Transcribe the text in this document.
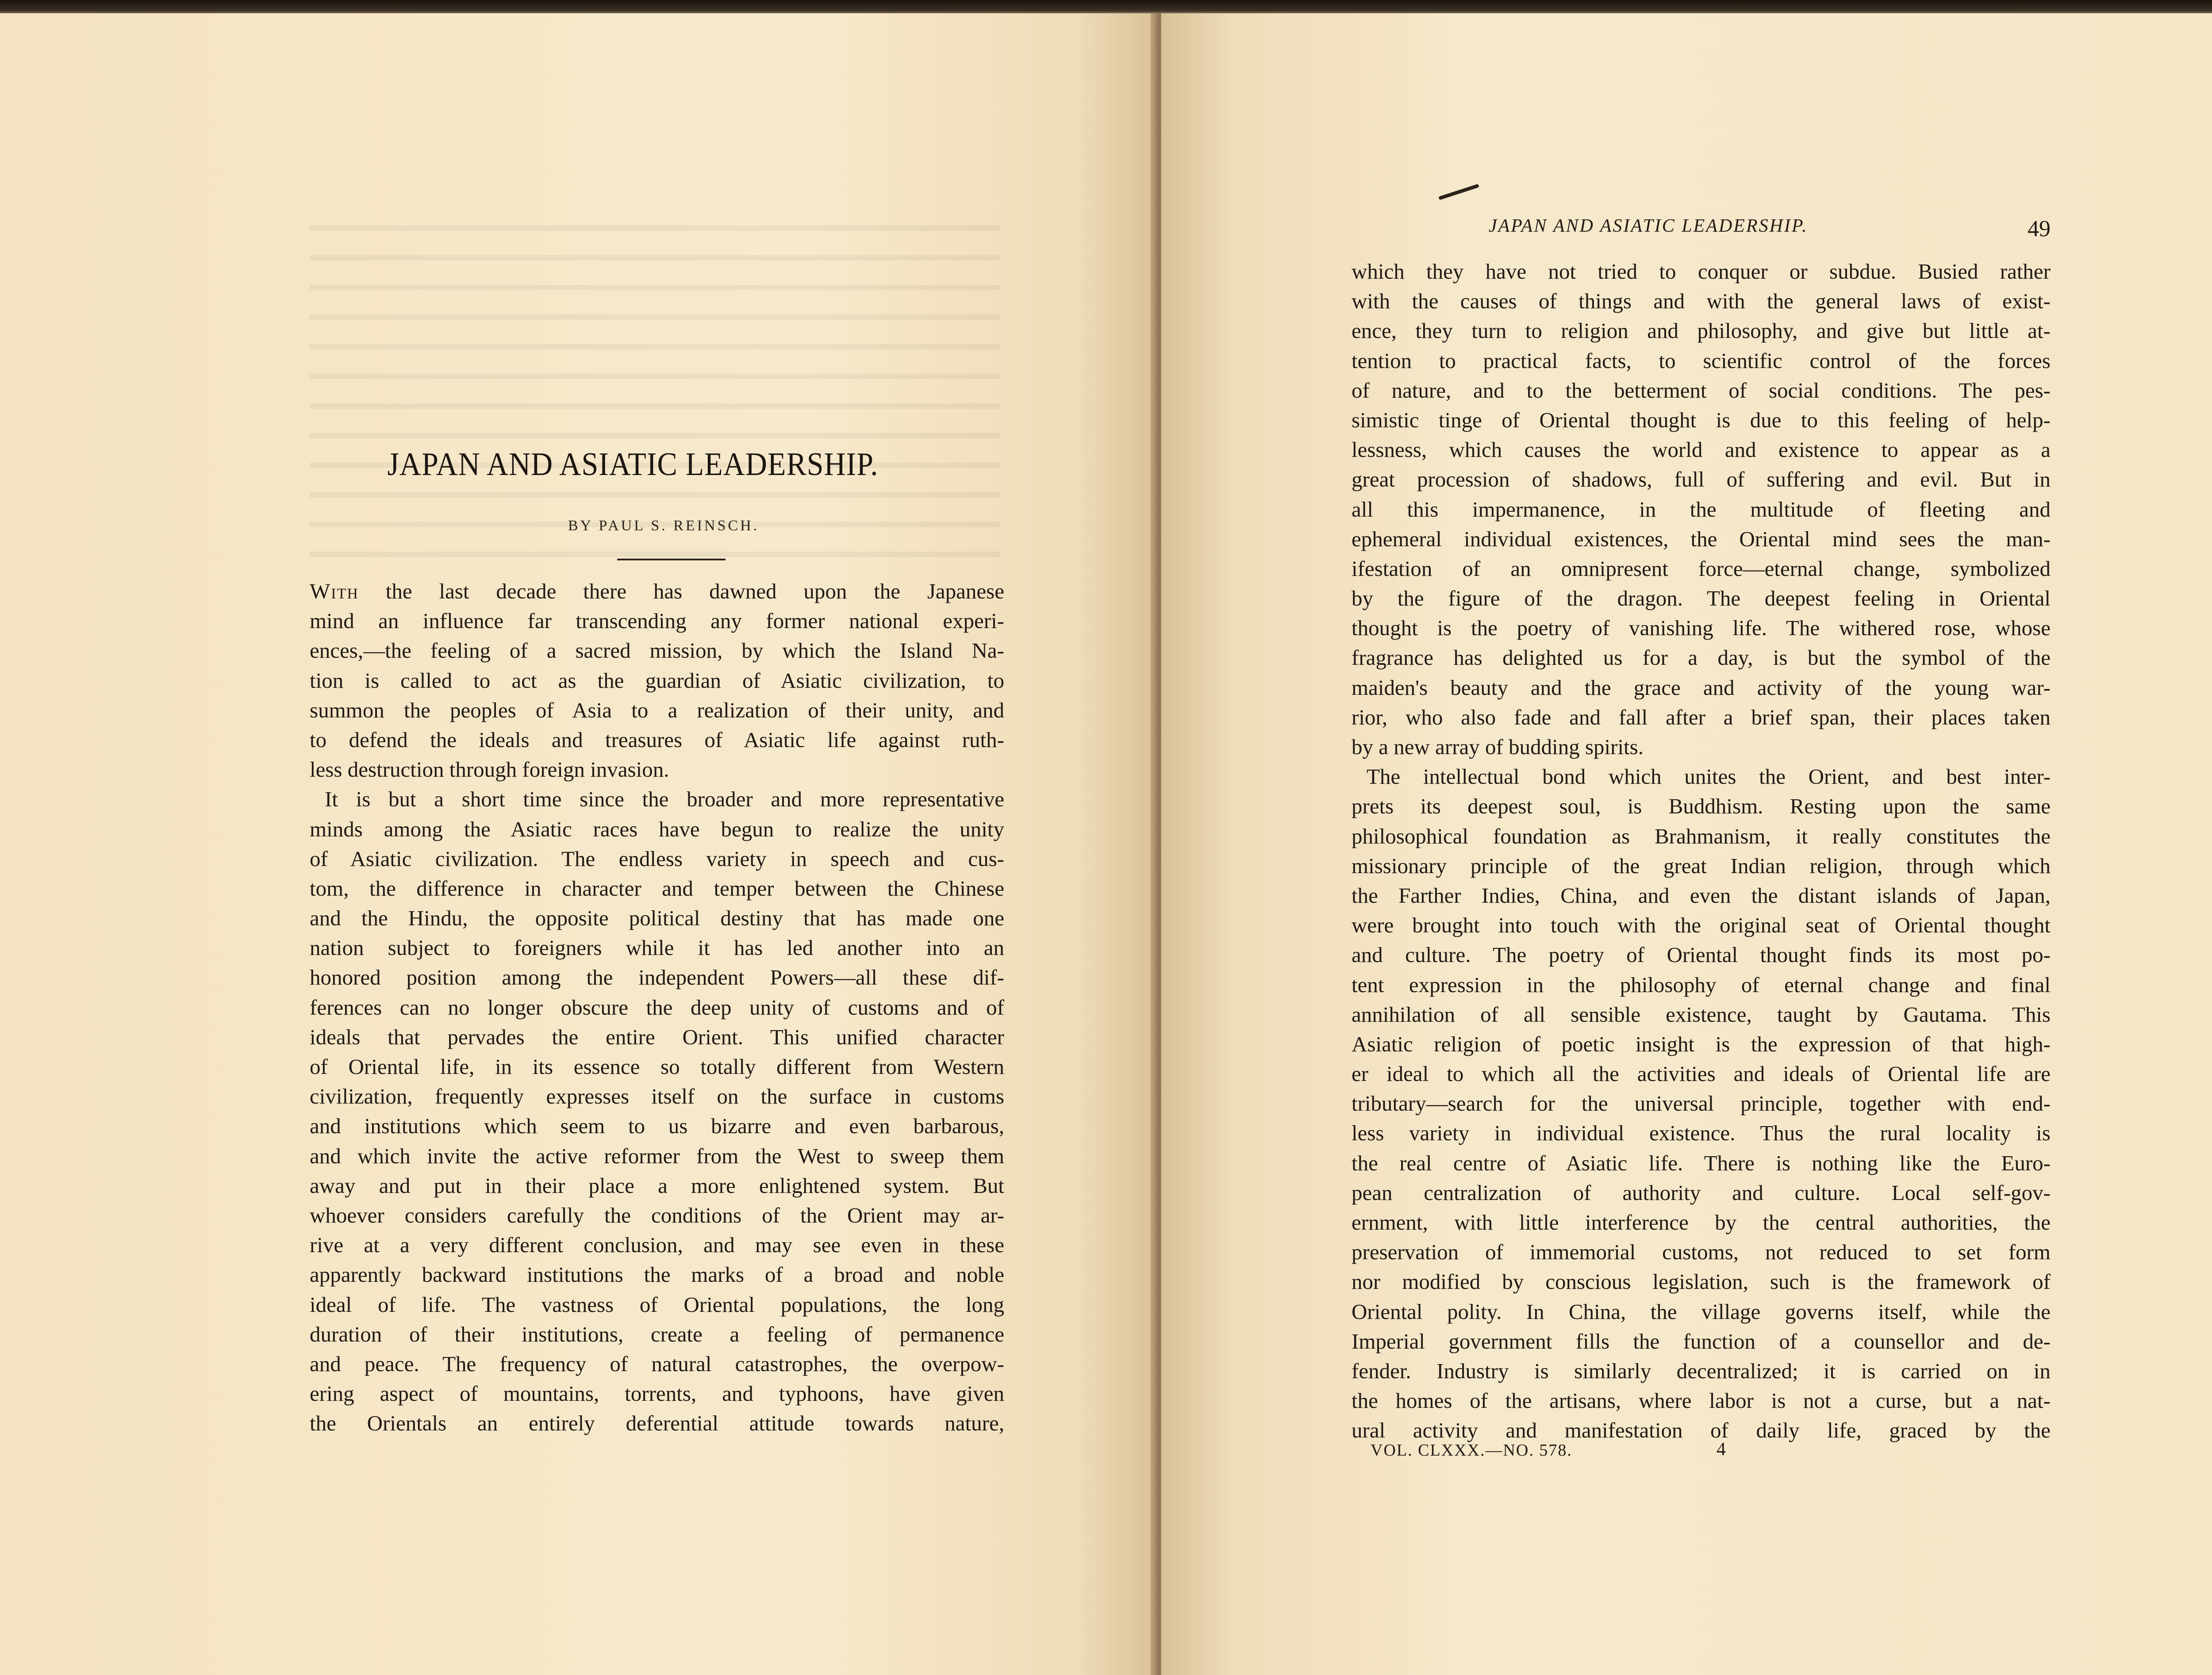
JAPAN AND ASIATIC LEADERSHIP.
BY PAUL S. REINSCH.
With the last decade there has dawned upon the Japanese
mind an influence far transcending any former national experi-
ences,—the feeling of a sacred mission, by which the Island Na-
tion is called to act as the guardian of Asiatic civilization, to
summon the peoples of Asia to a realization of their unity, and
to defend the ideals and treasures of Asiatic life against ruth-
less destruction through foreign invasion.
It is but a short time since the broader and more representative
minds among the Asiatic races have begun to realize the unity
of Asiatic civilization. The endless variety in speech and cus-
tom, the difference in character and temper between the Chinese
and the Hindu, the opposite political destiny that has made one
nation subject to foreigners while it has led another into an
honored position among the independent Powers—all these dif-
ferences can no longer obscure the deep unity of customs and of
ideals that pervades the entire Orient. This unified character
of Oriental life, in its essence so totally different from Western
civilization, frequently expresses itself on the surface in customs
and institutions which seem to us bizarre and even barbarous,
and which invite the active reformer from the West to sweep them
away and put in their place a more enlightened system. But
whoever considers carefully the conditions of the Orient may ar-
rive at a very different conclusion, and may see even in these
apparently backward institutions the marks of a broad and noble
ideal of life. The vastness of Oriental populations, the long
duration of their institutions, create a feeling of permanence
and peace. The frequency of natural catastrophes, the overpow-
ering aspect of mountains, torrents, and typhoons, have given
the Orientals an entirely deferential attitude towards nature,
JAPAN AND ASIATIC LEADERSHIP.	49
which they have not tried to conquer or subdue. Busied rather
with the causes of things and with the general laws of exist-
ence, they turn to religion and philosophy, and give but little at-
tention to practical facts, to scientific control of the forces
of nature, and to the betterment of social conditions. The pes-
simistic tinge of Oriental thought is due to this feeling of help-
lessness, which causes the world and existence to appear as a
great procession of shadows, full of suffering and evil. But in
all this impermanence, in the multitude of fleeting and
ephemeral individual existences, the Oriental mind sees the man-
ifestation of an omnipresent force—eternal change, symbolized
by the figure of the dragon. The deepest feeling in Oriental
thought is the poetry of vanishing life. The withered rose, whose
fragrance has delighted us for a day, is but the symbol of the
maiden's beauty and the grace and activity of the young war-
rior, who also fade and fall after a brief span, their places taken
by a new array of budding spirits.
The intellectual bond which unites the Orient, and best inter-
prets its deepest soul, is Buddhism. Resting upon the same
philosophical foundation as Brahmanism, it really constitutes the
missionary principle of the great Indian religion, through which
the Farther Indies, China, and even the distant islands of Japan,
were brought into touch with the original seat of Oriental thought
and culture. The poetry of Oriental thought finds its most po-
tent expression in the philosophy of eternal change and final
annihilation of all sensible existence, taught by Gautama. This
Asiatic religion of poetic insight is the expression of that high-
er ideal to which all the activities and ideals of Oriental life are
tributary—search for the universal principle, together with end-
less variety in individual existence. Thus the rural locality is
the real centre of Asiatic life. There is nothing like the Euro-
pean centralization of authority and culture. Local self-gov-
ernment, with little interference by the central authorities, the
preservation of immemorial customs, not reduced to set form
nor modified by conscious legislation, such is the framework of
Oriental polity. In China, the village governs itself, while the
Imperial government fills the function of a counsellor and de-
fender. Industry is similarly decentralized; it is carried on in
the homes of the artisans, where labor is not a curse, but a nat-
ural activity and manifestation of daily life, graced by the
VOL. CLXXX.—NO. 578.	4
